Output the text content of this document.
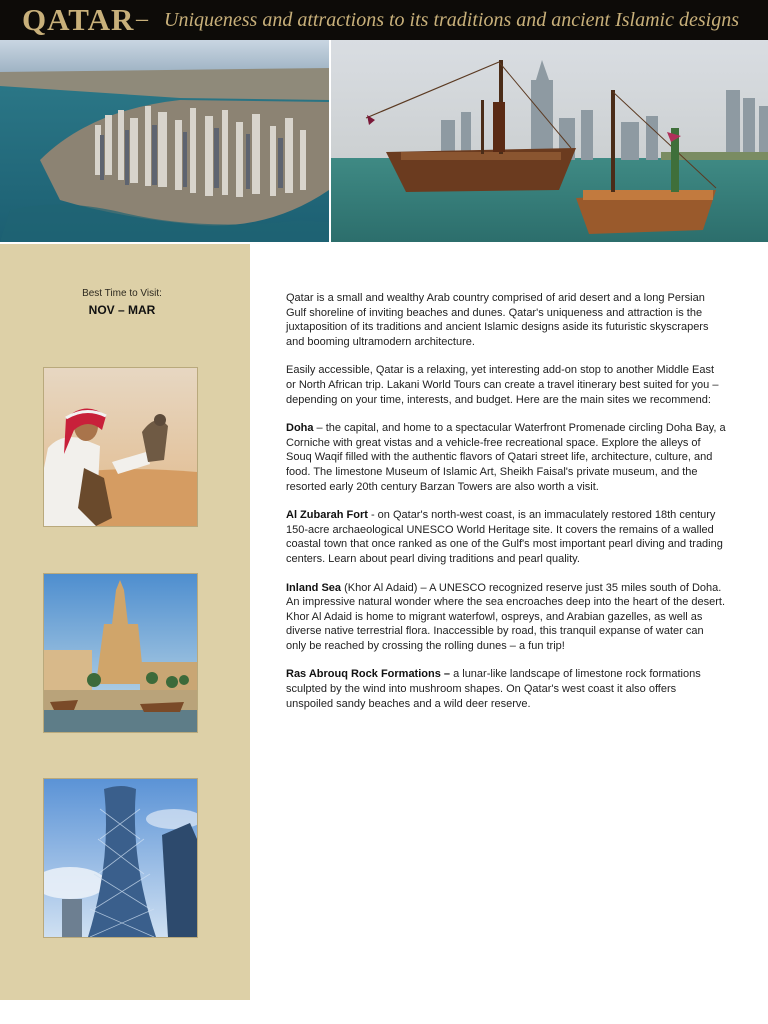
QATAR – Uniqueness and attractions to its traditions and ancient Islamic designs
Best Time to Visit:
NOV – MAR

Qatar is a small and wealthy Arab country comprised of arid desert and a long Persian Gulf shoreline of inviting beaches and dunes. Qatar's uniqueness and attraction is the juxtaposition of its traditions and ancient Islamic designs aside its futuristic skyscrapers and booming ultramodern architecture.

Easily accessible, Qatar is a relaxing, yet interesting add-on stop to another Middle East or North African trip. Lakani World Tours can create a travel itinerary best suited for you – depending on your time, interests, and budget. Here are the main sites we recommend:

Doha – the capital, and home to a spectacular Waterfront Promenade circling Doha Bay, a Corniche with great vistas and a vehicle-free recreational space. Explore the alleys of Souq Waqif filled with the authentic flavors of Qatari street life, architecture, culture, and food. The limestone Museum of Islamic Art, Sheikh Faisal's private museum, and the
resorted early 20th century Barzan Towers are also worth a visit.

Al Zubarah Fort - on Qatar's north-west coast, is an immaculately restored 18th century 150-acre archaeological UNESCO World Heritage site. It covers the remains of a walled coastal town that once ranked as one of the Gulf's most important pearl diving and trading centers. Learn about pearl diving traditions and pearl quality.

Inland Sea (Khor Al Adaid) – A UNESCO recognized reserve just 35 miles south of Doha. An impressive natural wonder where the sea encroaches deep into the heart of the desert. Khor Al Adaid is home to migrant waterfowl, ospreys, and Arabian gazelles, as well as diverse native terrestrial flora. Inaccessible by road, this tranquil expanse of water can only be reached by crossing the rolling dunes – a fun trip!

Ras Abrouq Rock Formations – a lunar-like landscape of limestone rock formations sculpted by the wind into mushroom shapes. On Qatar's west coast it also offers unspoiled sandy beaches and a wild deer reserve.
